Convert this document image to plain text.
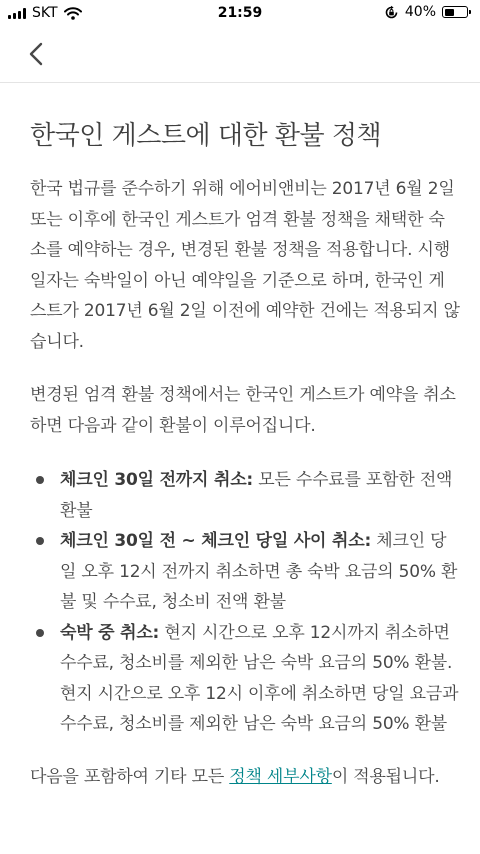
SKT	21:59	40%
한국인 게스트에 대한 환불 정책

한국 법규를 준수하기 위해 에어비앤비는 2017년 6월 2일 또는 이후에 한국인 게스트가 엄격 환불 정책을 채택한 숙소를 예약하는 경우, 변경된 환불 정책을 적용합니다. 시행 일자는 숙박일이 아닌 예약일을 기준으로 하며, 한국인 게스트가 2017년 6월 2일 이전에 예약한 건에는 적용되지 않습니다.

변경된 엄격 환불 정책에서는 한국인 게스트가 예약을 취소하면 다음과 같이 환불이 이루어집니다.

체크인 30일 전까지 취소: 모든 수수료를 포함한 전액 환불
체크인 30일 전 ~ 체크인 당일 사이 취소: 체크인 당일 오후 12시 전까지 취소하면 총 숙박 요금의 50% 환불 및 수수료, 청소비 전액 환불
숙박 중 취소: 현지 시간으로 오후 12시까지 취소하면 수수료, 청소비를 제외한 남은 숙박 요금의 50% 환불. 현지 시간으로 오후 12시 이후에 취소하면 당일 요금과 수수료, 청소비를 제외한 남은 숙박 요금의 50% 환불

다음을 포함하여 기타 모든 정책 세부사항이 적용됩니다.
